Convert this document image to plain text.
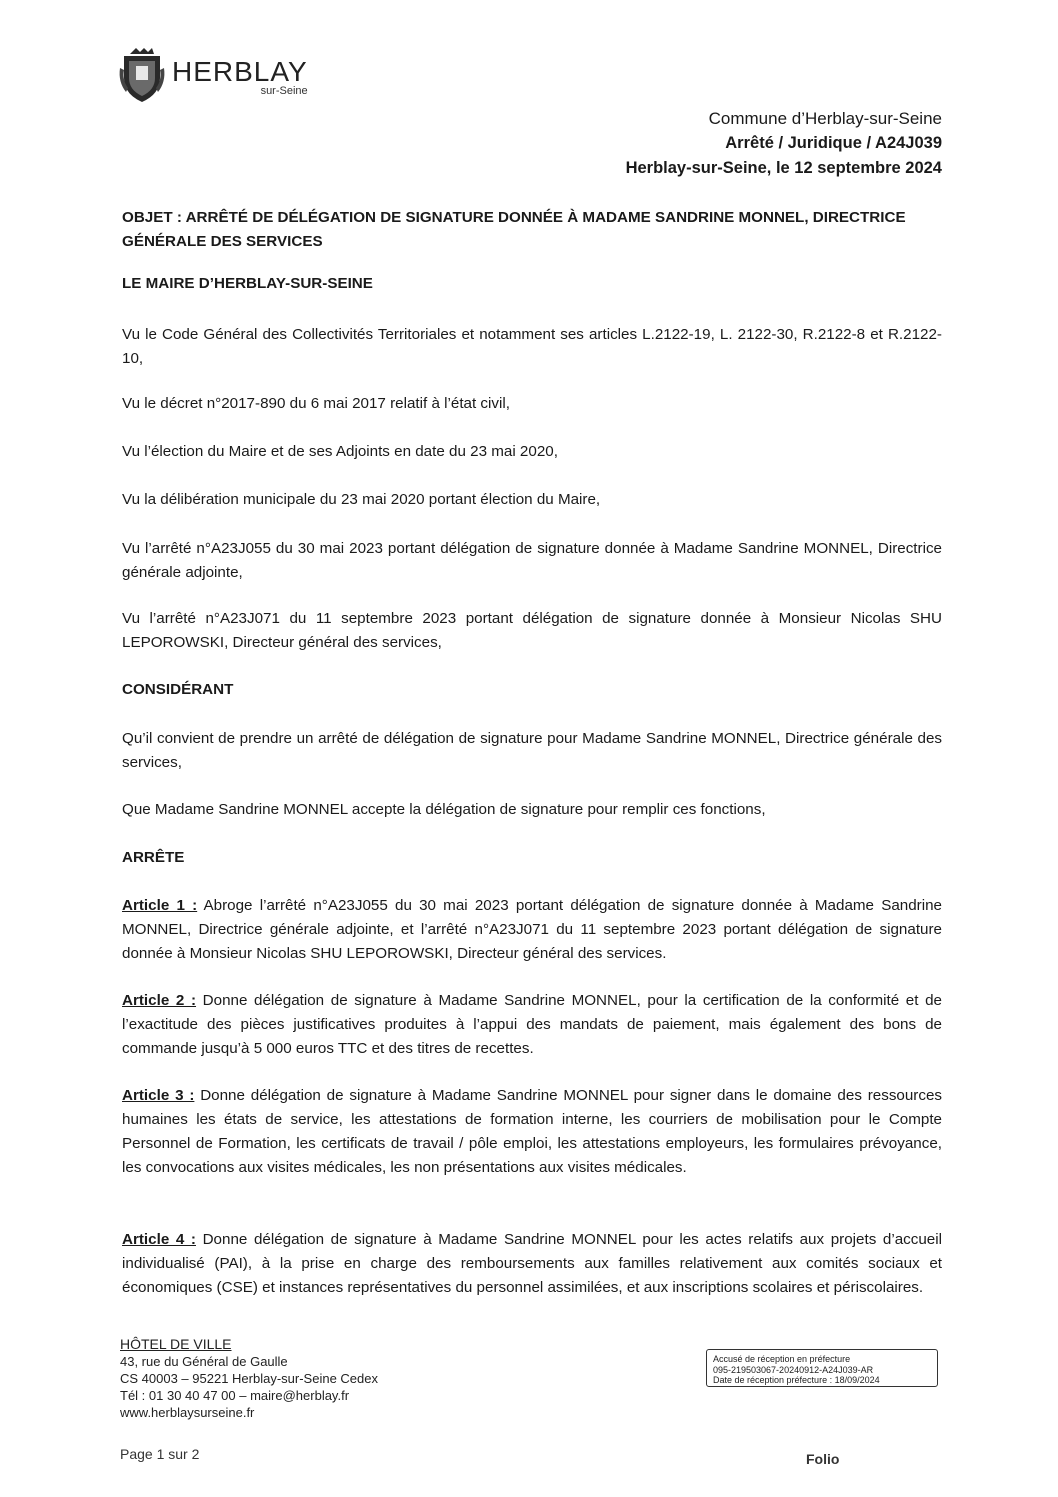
HERBLAY
sur-Seine
Commune d’Herblay-sur-Seine
Arrêté / Juridique / A24J039
Herblay-sur-Seine, le 12 septembre 2024
OBJET : ARRÊTÉ DE DÉLÉGATION DE SIGNATURE DONNÉE À MADAME SANDRINE MONNEL, DIRECTRICE GÉNÉRALE DES SERVICES
LE MAIRE D’HERBLAY-SUR-SEINE
Vu le Code Général des Collectivités Territoriales et notamment ses articles L.2122-19, L. 2122-30, R.2122-8 et R.2122-10,
Vu le décret n°2017-890 du 6 mai 2017 relatif à l’état civil,
Vu l’élection du Maire et de ses Adjoints en date du 23 mai 2020,
Vu la délibération municipale du 23 mai 2020 portant élection du Maire,
Vu l’arrêté n°A23J055 du 30 mai 2023 portant délégation de signature donnée à Madame Sandrine MONNEL, Directrice générale adjointe,
Vu l’arrêté n°A23J071 du 11 septembre 2023 portant délégation de signature donnée à Monsieur Nicolas SHU LEPOROWSKI, Directeur général des services,
CONSIDÉRANT
Qu’il convient de prendre un arrêté de délégation de signature pour Madame Sandrine MONNEL, Directrice générale des services,
Que Madame Sandrine MONNEL accepte la délégation de signature pour remplir ces fonctions,
ARRÊTE
Article 1 : Abroge l’arrêté n°A23J055 du 30 mai 2023 portant délégation de signature donnée à Madame Sandrine MONNEL, Directrice générale adjointe, et l’arrêté n°A23J071 du 11 septembre 2023 portant délégation de signature donnée à Monsieur Nicolas SHU LEPOROWSKI, Directeur général des services.
Article 2 : Donne délégation de signature à Madame Sandrine MONNEL, pour la certification de la conformité et de l’exactitude des pièces justificatives produites à l’appui des mandats de paiement, mais également des bons de commande jusqu’à 5 000 euros TTC et des titres de recettes.
Article 3 : Donne délégation de signature à Madame Sandrine MONNEL pour signer dans le domaine des ressources humaines les états de service, les attestations de formation interne, les courriers de mobilisation pour le Compte Personnel de Formation, les certificats de travail / pôle emploi, les attestations employeurs, les formulaires prévoyance, les convocations aux visites médicales, les non présentations aux visites médicales.
Article 4 : Donne délégation de signature à Madame Sandrine MONNEL pour les actes relatifs aux projets d’accueil individualisé (PAI), à la prise en charge des remboursements aux familles relativement aux comités sociaux et économiques (CSE) et instances représentatives du personnel assimilées, et aux inscriptions scolaires et périscolaires.
HÔTEL DE VILLE
43, rue du Général de Gaulle
CS 40003 – 95221 Herblay-sur-Seine Cedex
Tél : 01 30 40 47 00 – maire@herblay.fr
www.herblaysurseine.fr
Accusé de réception en préfecture
095-219503067-20240912-A24J039-AR
Date de réception préfecture : 18/09/2024
Page 1 sur 2	Folio
